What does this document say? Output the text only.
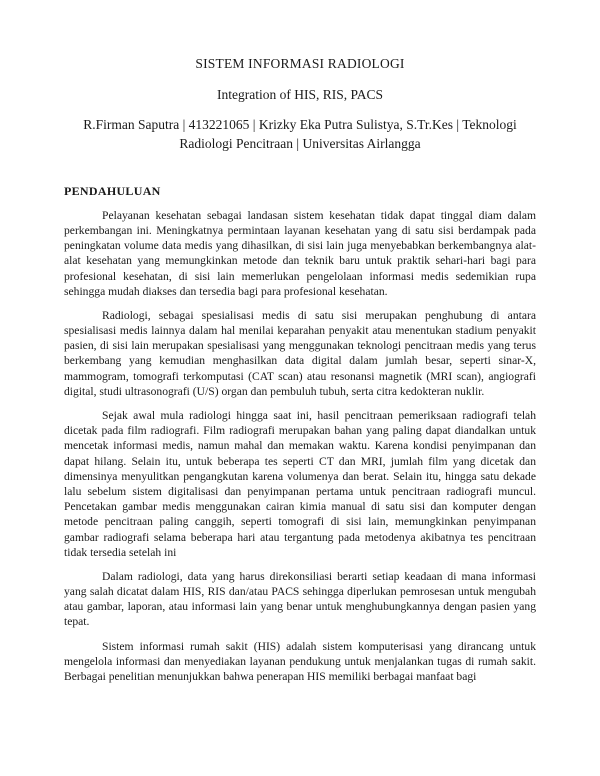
SISTEM INFORMASI RADIOLOGI
Integration of HIS, RIS, PACS
R.Firman Saputra | 413221065 | Krizky Eka Putra Sulistya, S.Tr.Kes | Teknologi Radiologi Pencitraan | Universitas Airlangga
PENDAHULUAN

Pelayanan kesehatan sebagai landasan sistem kesehatan tidak dapat tinggal diam dalam perkembangan ini. Meningkatnya permintaan layanan kesehatan yang di satu sisi berdampak pada peningkatan volume data medis yang dihasilkan, di sisi lain juga menyebabkan berkembangnya alat-alat kesehatan yang memungkinkan metode dan teknik baru untuk praktik sehari-hari bagi para profesional kesehatan, di sisi lain memerlukan pengelolaan informasi medis sedemikian rupa sehingga mudah diakses dan tersedia bagi para profesional kesehatan.

Radiologi, sebagai spesialisasi medis di satu sisi merupakan penghubung di antara spesialisasi medis lainnya dalam hal menilai keparahan penyakit atau menentukan stadium penyakit pasien, di sisi lain merupakan spesialisasi yang menggunakan teknologi pencitraan medis yang terus berkembang yang kemudian menghasilkan data digital dalam jumlah besar, seperti sinar-X, mammogram, tomografi terkomputasi (CAT scan) atau resonansi magnetik (MRI scan), angiografi digital, studi ultrasonografi (U/S) organ dan pembuluh tubuh, serta citra kedokteran nuklir.

Sejak awal mula radiologi hingga saat ini, hasil pencitraan pemeriksaan radiografi telah dicetak pada film radiografi. Film radiografi merupakan bahan yang paling dapat diandalkan untuk mencetak informasi medis, namun mahal dan memakan waktu. Karena kondisi penyimpanan dan dapat hilang. Selain itu, untuk beberapa tes seperti CT dan MRI, jumlah film yang dicetak dan dimensinya menyulitkan pengangkutan karena volumenya dan berat. Selain itu, hingga satu dekade lalu sebelum sistem digitalisasi dan penyimpanan pertama untuk pencitraan radiografi muncul. Pencetakan gambar medis menggunakan cairan kimia manual di satu sisi dan komputer dengan metode pencitraan paling canggih, seperti tomografi di sisi lain, memungkinkan penyimpanan gambar radiografi selama beberapa hari atau tergantung pada metodenya akibatnya tes pencitraan tidak tersedia setelah ini

Dalam radiologi, data yang harus direkonsiliasi berarti setiap keadaan di mana informasi yang salah dicatat dalam HIS, RIS dan/atau PACS sehingga diperlukan pemrosesan untuk mengubah atau gambar, laporan, atau informasi lain yang benar untuk menghubungkannya dengan pasien yang tepat.

Sistem informasi rumah sakit (HIS) adalah sistem komputerisasi yang dirancang untuk mengelola informasi dan menyediakan layanan pendukung untuk menjalankan tugas di rumah sakit. Berbagai penelitian menunjukkan bahwa penerapan HIS memiliki berbagai manfaat bagi
